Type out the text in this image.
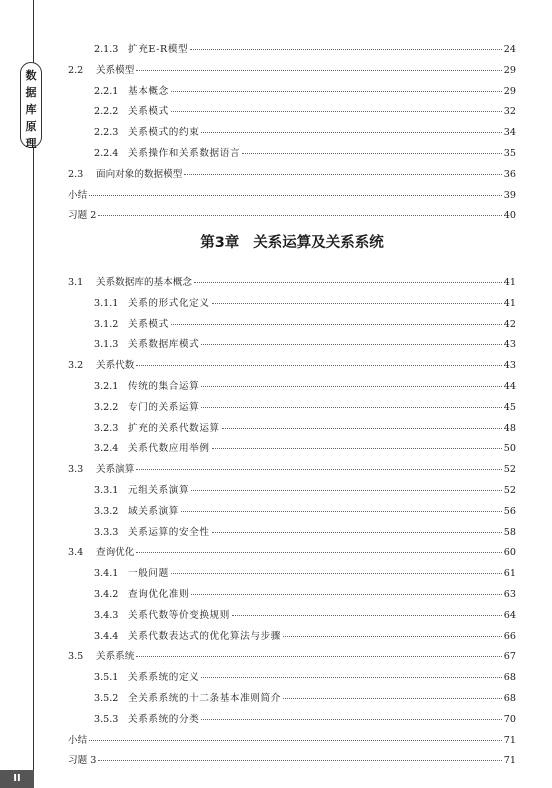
数据库原理
II
2.1.3 扩充E-R模型	24
2.2	关系模型	29
2.2.1 基本概念	29
2.2.2 关系模式	32
2.2.3 关系模式的约束	34
2.2.4 关系操作和关系数据语言	35
2.3	面向对象的数据模型	36
小结	39
习题 2	40
第3章 关系运算及关系系统
3.1	关系数据库的基本概念	41
3.1.1 关系的形式化定义	41
3.1.2 关系模式	42
3.1.3 关系数据库模式	43
3.2	关系代数	43
3.2.1 传统的集合运算	44
3.2.2 专门的关系运算	45
3.2.3 扩充的关系代数运算	48
3.2.4 关系代数应用举例	50
3.3	关系演算	52
3.3.1 元组关系演算	52
3.3.2 域关系演算	56
3.3.3 关系运算的安全性	58
3.4	查询优化	60
3.4.1 一般问题	61
3.4.2 查询优化准则	63
3.4.3 关系代数等价变换规则	64
3.4.4 关系代数表达式的优化算法与步骤	66
3.5	关系系统	67
3.5.1 关系系统的定义	68
3.5.2 全关系系统的十二条基本准则简介	68
3.5.3 关系系统的分类	70
小结	71
习题 3	71
